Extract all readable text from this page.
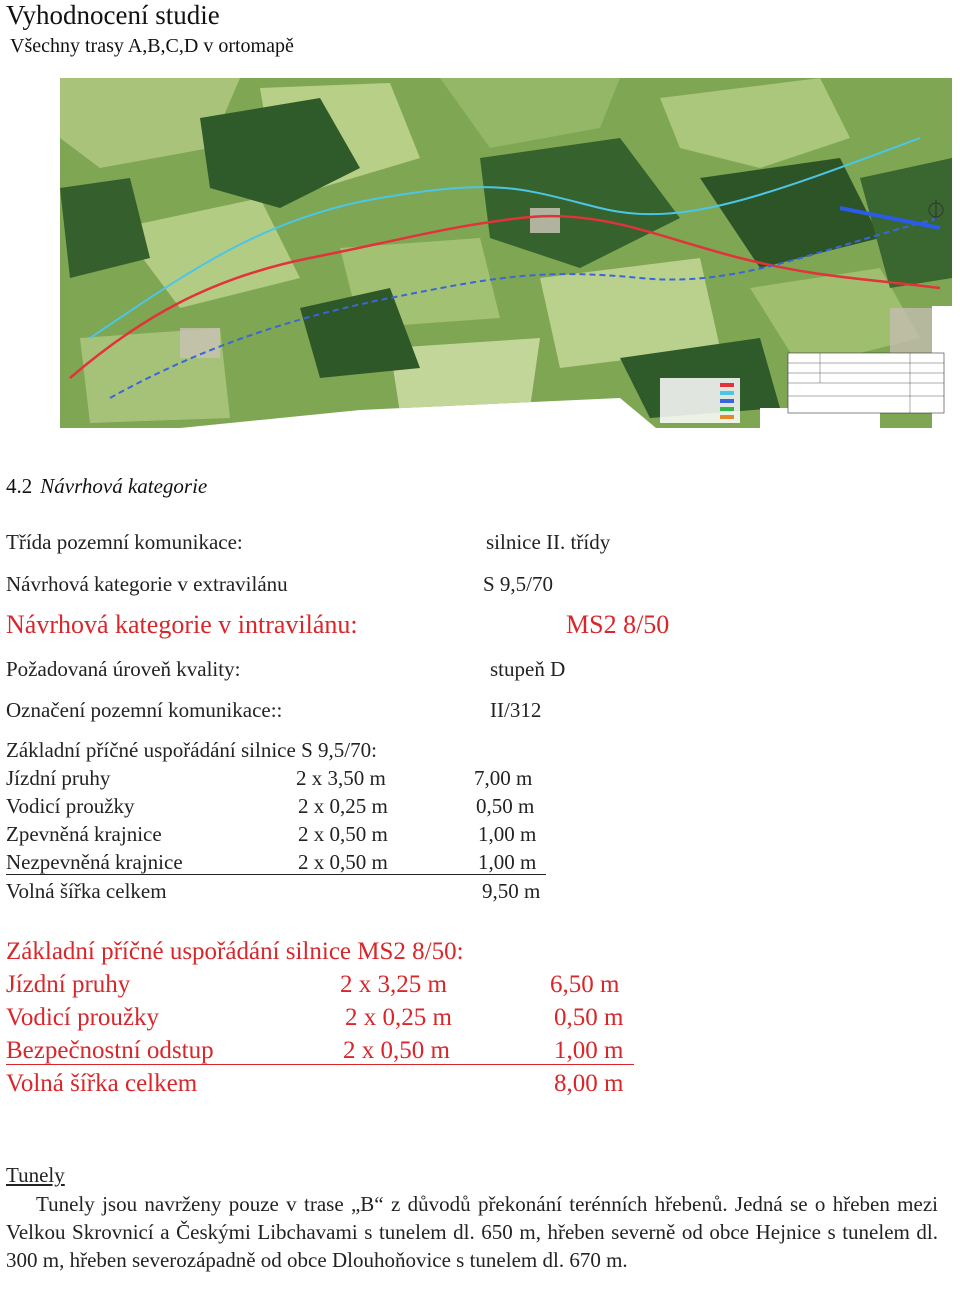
Vyhodnocení studie
Všechny trasy A,B,C,D v ortomapě
4.2 Návrhová kategorie
Třída pozemní komunikace:	silnice II. třídy
Návrhová kategorie v extravilánu	S 9,5/70
Návrhová kategorie v intravilánu:	MS2 8/50
Požadovaná úroveň kvality:	stupeň D
Označení pozemní komunikace::	II/312
Základní příčné uspořádání silnice S 9,5/70:
Jízdní pruhy	2 x 3,50 m	7,00 m
Vodicí proužky	2 x 0,25 m	0,50 m
Zpevněná krajnice	2 x 0,50 m	1,00 m
Nezpevněná krajnice	2 x 0,50 m	1,00 m
Volná šířka celkem	9,50 m
Základní příčné uspořádání silnice MS2 8/50:
Jízdní pruhy	2 x 3,25 m	6,50 m
Vodicí proužky	2 x 0,25 m	0,50 m
Bezpečnostní odstup	2 x 0,50 m	1,00 m
Volná šířka celkem	8,00 m
Tunely
Tunely jsou navrženy pouze v trase „B“ z důvodů překonání terénních hřebenů. Jedná se o hřeben mezi Velkou Skrovnicí a Českými Libchavami s tunelem dl. 650 m, hřeben severně od obce Hejnice s tunelem dl. 300 m, hřeben severozápadně od obce Dlouhoňovice s tunelem dl. 670 m.
